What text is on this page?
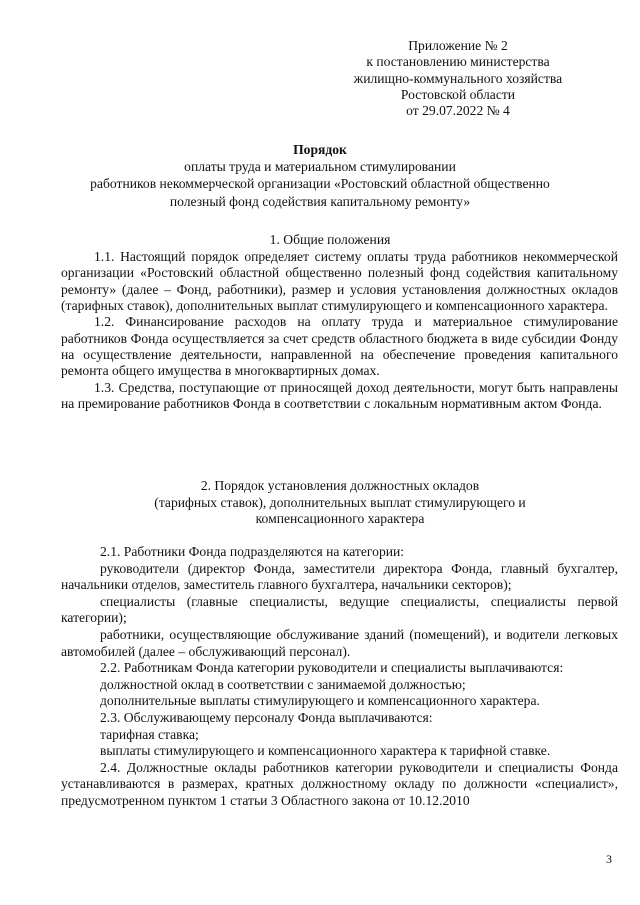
Приложение № 2
к постановлению министерства
жилищно-коммунального хозяйства
Ростовской области
от 29.07.2022 № 4
Порядок
оплаты труда и материальном стимулировании
работников некоммерческой организации «Ростовский областной общественно
полезный фонд содействия капитальному ремонту»
1. Общие положения

1.1. Настоящий порядок определяет систему оплаты труда работников некоммерческой организации «Ростовский областной общественно полезный фонд содействия капитальному ремонту» (далее – Фонд, работники), размер и условия установления должностных окладов (тарифных ставок), дополнительных выплат стимулирующего и компенсационного характера.

1.2. Финансирование расходов на оплату труда и материальное стимулирование работников Фонда осуществляется за счет средств областного бюджета в виде субсидии Фонду на осуществление деятельности, направленной на обеспечение проведения капитального ремонта общего имущества в многоквартирных домах.

1.3. Средства, поступающие от приносящей доход деятельности, могут быть направлены на премирование работников Фонда в соответствии с локальным нормативным актом Фонда.

2. Порядок установления должностных окладов
(тарифных ставок), дополнительных выплат стимулирующего и
компенсационного характера

2.1. Работники Фонда подразделяются на категории:

руководители (директор Фонда, заместители директора Фонда, главный бухгалтер, начальники отделов, заместитель главного бухгалтера, начальники секторов);

специалисты (главные специалисты, ведущие специалисты, специалисты первой категории);

работники, осуществляющие обслуживание зданий (помещений), и водители легковых автомобилей (далее – обслуживающий персонал).

2.2. Работникам Фонда категории руководители и специалисты выплачиваются:

должностной оклад в соответствии с занимаемой должностью;

дополнительные выплаты стимулирующего и компенсационного характера.

2.3. Обслуживающему персоналу Фонда выплачиваются:

тарифная ставка;

выплаты стимулирующего и компенсационного характера к тарифной ставке.

2.4. Должностные оклады работников категории руководители и специалисты Фонда устанавливаются в размерах, кратных должностному окладу по должности «специалист», предусмотренном пунктом 1 статьи 3 Областного закона от 10.12.2010

3
